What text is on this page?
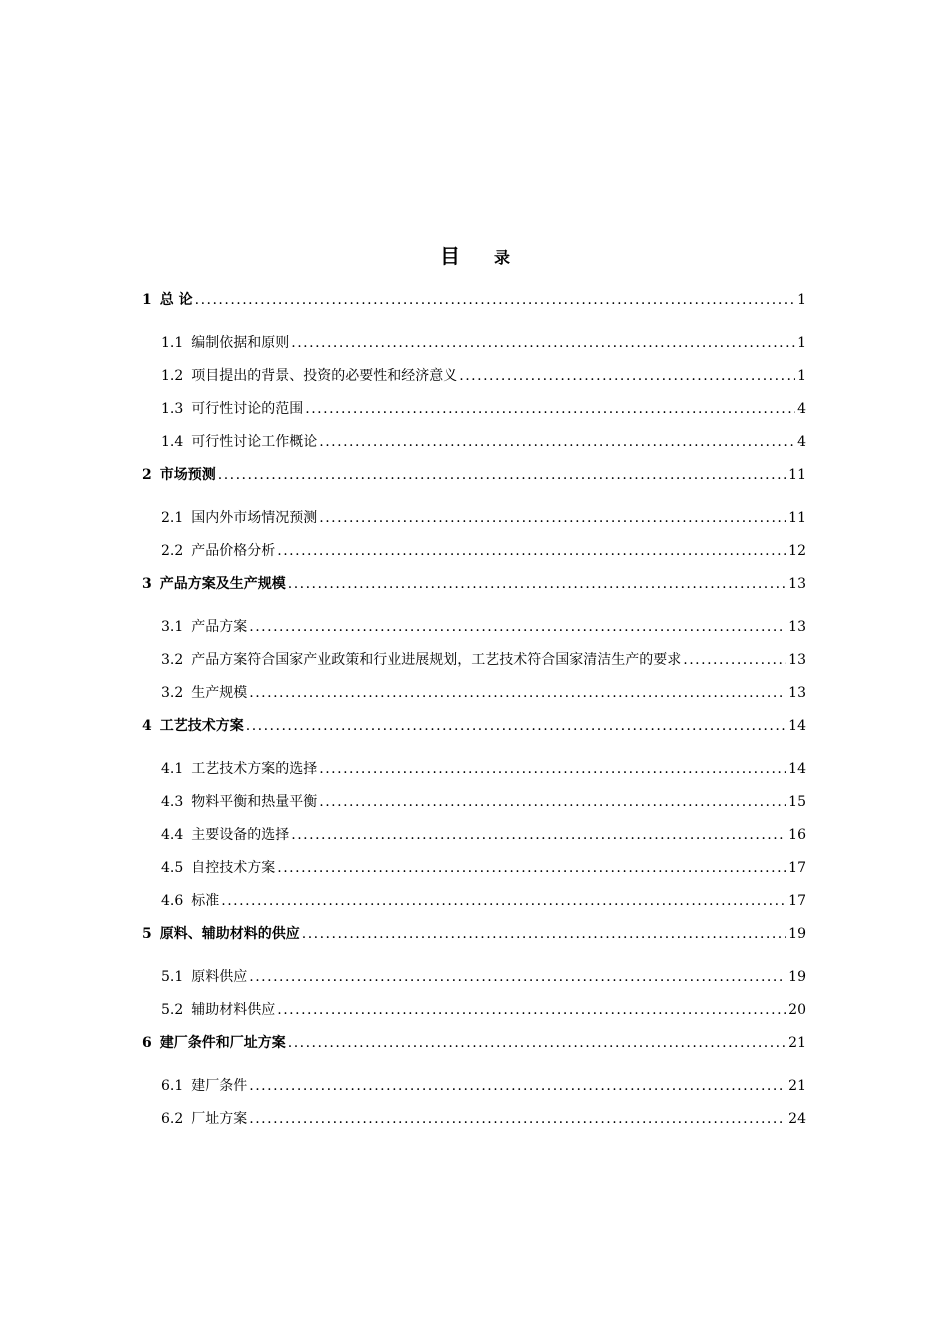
目 录
1 总 论 .....	1
1.1 编制依据和原则 .....	1
1.2 项目提出的背景、投资的必要性和经济意义 .....	1
1.3 可行性讨论的范围 .....	4
1.4 可行性讨论工作概论 .....	4
2 市场预测 .....	11
2.1 国内外市场情况预测 .....	11
2.2 产品价格分析 .....	12
3 产品方案及生产规模 .....	13
3.1 产品方案 .....	13
3.2 产品方案符合国家产业政策和行业进展规划，工艺技术符合国家清洁生产的要求 .....	13
3.2 生产规模 .....	13
4 工艺技术方案 .....	14
4.1 工艺技术方案的选择 .....	14
4.3 物料平衡和热量平衡 .....	15
4.4 主要设备的选择 .....	16
4.5 自控技术方案 .....	17
4.6 标准 .....	17
5 原料、辅助材料的供应 .....	19
5.1 原料供应 .....	19
5.2 辅助材料供应 .....	20
6 建厂条件和厂址方案 .....	21
6.1 建厂条件 .....	21
6.2 厂址方案 .....	24
